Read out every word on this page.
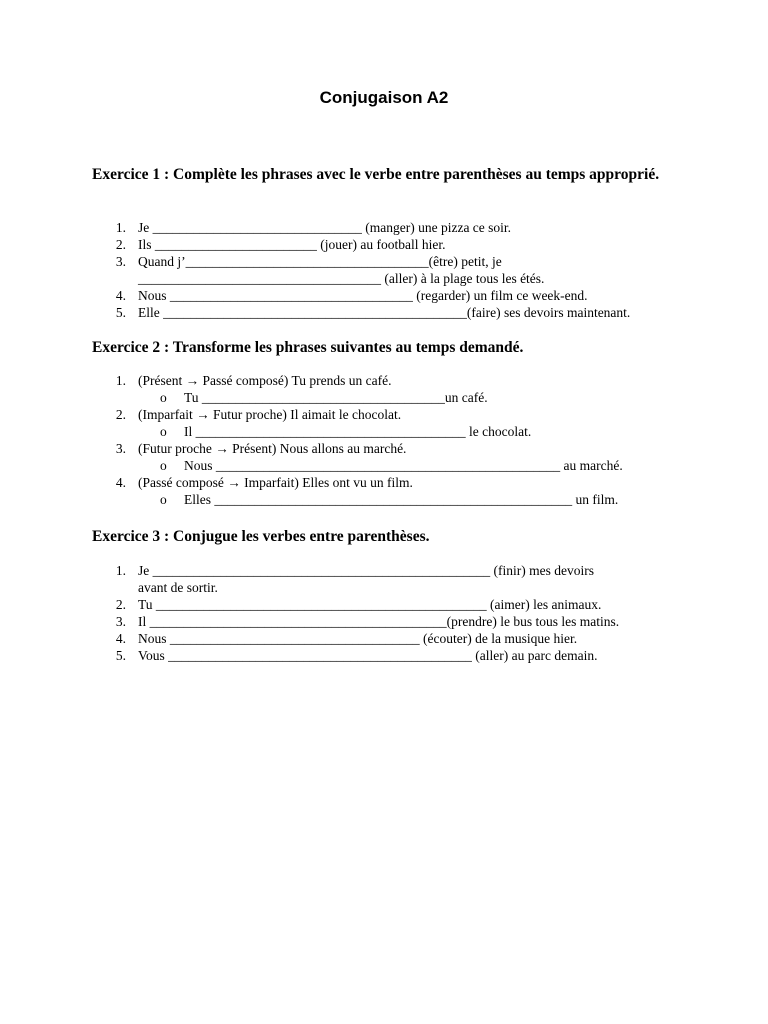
Conjugaison A2
Exercice 1 : Complète les phrases avec le verbe entre parenthèses au temps approprié.
1. Je _______________________________ (manger) une pizza ce soir.
2. Ils ________________________ (jouer) au football hier.
3. Quand j’____________________________________(être) petit, je
____________________________________ (aller) à la plage tous les étés.
4. Nous ____________________________________ (regarder) un film ce week-end.
5. Elle _____________________________________________(faire) ses devoirs maintenant.
Exercice 2 : Transforme les phrases suivantes au temps demandé.
1. (Présent → Passé composé) Tu prends un café.
o Tu ____________________________________un café.
2. (Imparfait → Futur proche) Il aimait le chocolat.
o Il ________________________________________ le chocolat.
3. (Futur proche → Présent) Nous allons au marché.
o Nous ___________________________________________________ au marché.
4. (Passé composé → Imparfait) Elles ont vu un film.
o Elles _____________________________________________________ un film.
Exercice 3 : Conjugue les verbes entre parenthèses.
1. Je __________________________________________________ (finir) mes devoirs
avant de sortir.
2. Tu _________________________________________________ (aimer) les animaux.
3. Il ____________________________________________(prendre) le bus tous les matins.
4. Nous _____________________________________ (écouter) de la musique hier.
5. Vous _____________________________________________ (aller) au parc demain.
